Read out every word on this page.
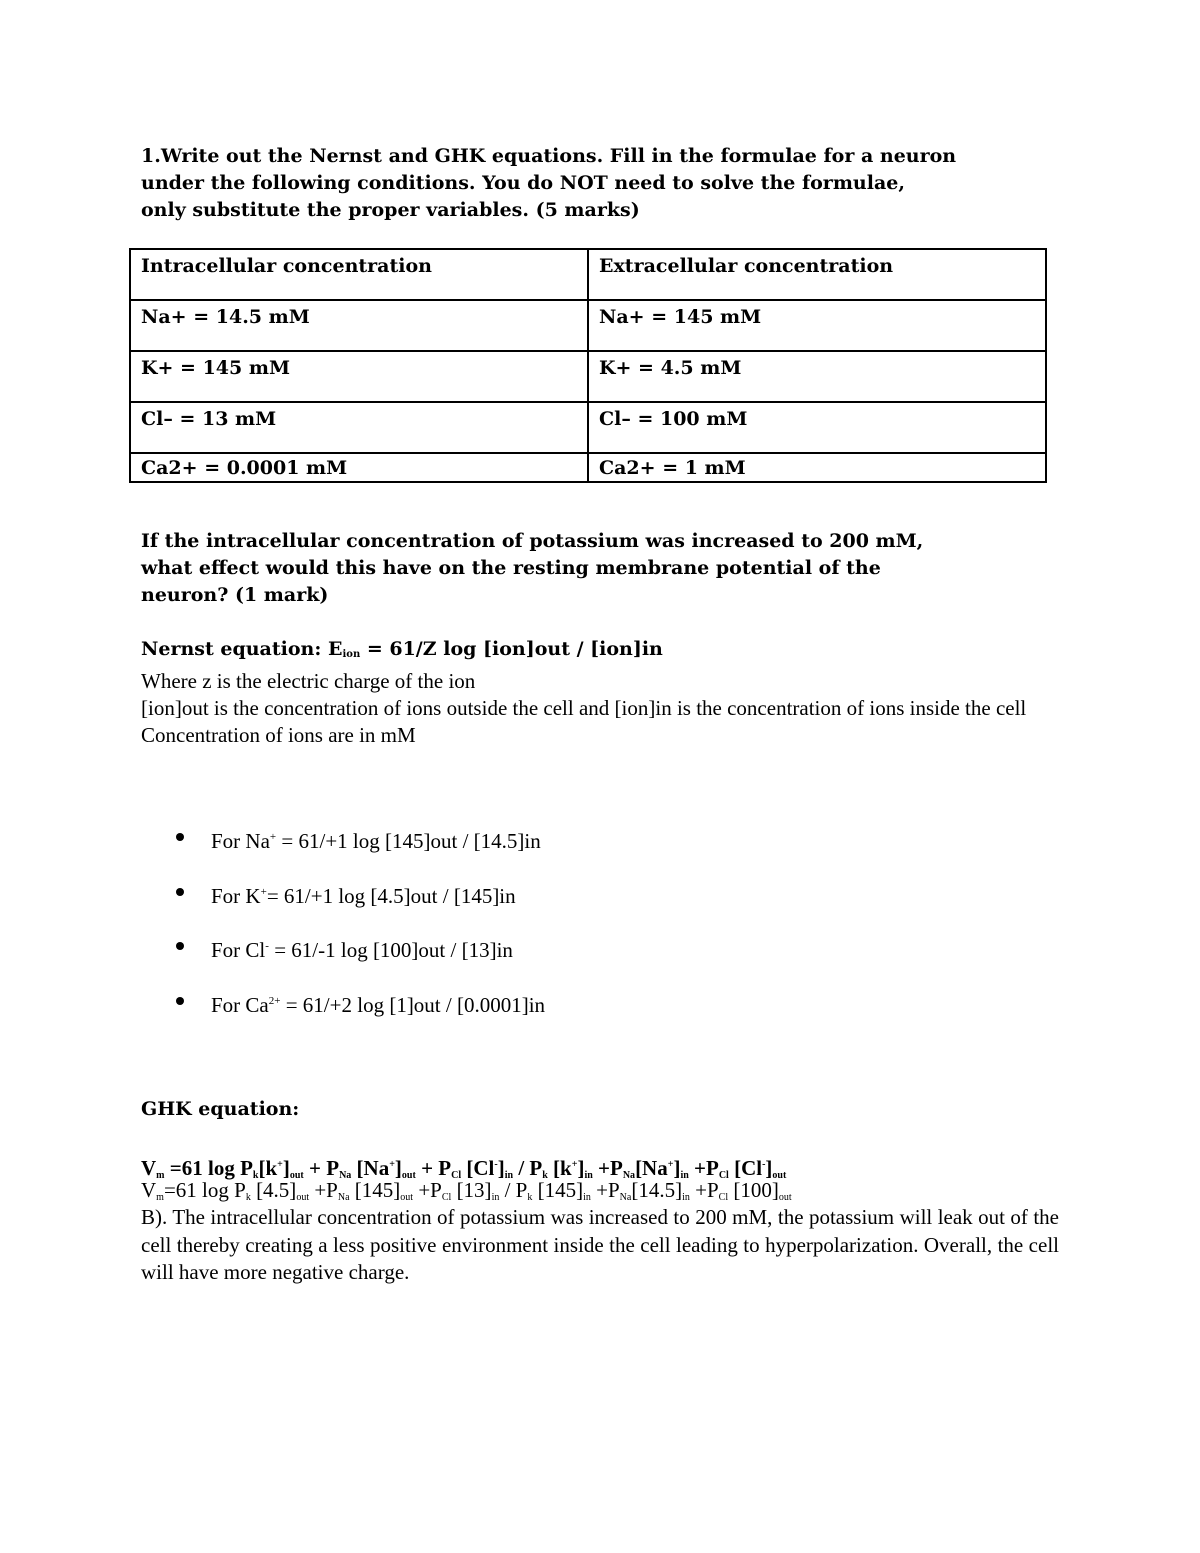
1.Write out the Nernst and GHK equations. Fill in the formulae for a neuron

under the following conditions. You do NOT need to solve the formulae,

only substitute the proper variables. (5 marks)

Intracellular concentration	Extracellular concentration
Na+ = 14.5 mM	Na+ = 145 mM
K+ = 145 mM	K+ = 4.5 mM
Cl– = 13 mM	Cl– = 100 mM
Ca2+ = 0.0001 mM	Ca2+ = 1 mM

If the intracellular concentration of potassium was increased to 200 mM,

what effect would this have on the resting membrane potential of the

neuron? (1 mark)

Nernst equation: $E_{ion} = 61/Z$ log [ion]out / [ion]in

Where z is the electric charge of the ion

[ion]out is the concentration of ions outside the cell and [ion]in is the concentration of ions inside the cell

Concentration of ions are in mM

For Na+ = 61/+1 log [145]out / [14.5]in
For K+= 61/+1 log [4.5]out / [145]in
For Cl- = 61/-1 log [100]out / [13]in
For $Ca^{2+} = 61/+2$ log [1]out / [0.0001]in
GHK equation:
$V_m =61$ $\log P_k[k^+]_{out} + P_{Na}$ $[Na^+]_{out} + P_{Cl}$ $[Cl^-]_{in} / P_k$ $[k^+]_{in} +P_{Na}[Na^+]_{in} +P_{Cl}$ $[Cl^-]_{out}$
$V_m=61$ $\log P_k$ $[4.5]_{out} +P_{Na}$ $[145]_{out} +P_{Cl}$ $[13]_{in} / P_k$ $[145]_{in} +P_{Na}[14.5]_{in} +P_{Cl}$ $[100]_{out}$
B). The intracellular concentration of potassium was increased to 200 mM, the potassium will leak out of the cell thereby creating a less positive environment inside the cell leading to hyperpolarization. Overall, the cell will have more negative charge.
